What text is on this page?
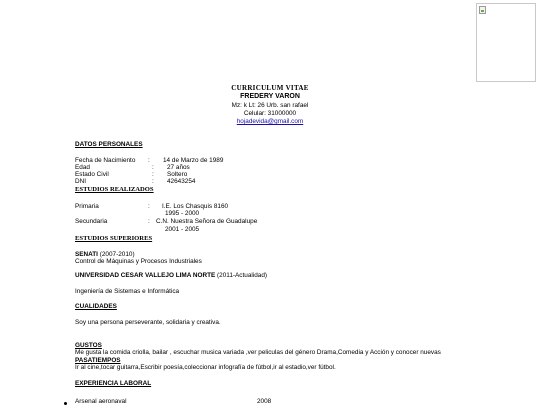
CURRICULUM VITAE
FREDERY VARON
Mz: k Lt: 26 Urb. san rafael
Celular: 31000000
hojadevida@gmail.com
DATOS PERSONALES
Fecha de Nacimiento : 14 de Marzo de 1989
Edad	: 27 años
Estado Civil	: Soltero
DNI	: 42643254
ESTUDIOS REALIZADOS
Primaria	: I.E. Los Chasquis 8160
1995 - 2000
Secundaria	: C.N. Nuestra Señora de Guadalupe
2001 - 2005
ESTUDIOS SUPERIORES
SENATI (2007-2010)
Control de Máquinas y Procesos Industriales
UNIVERSIDAD CESAR VALLEJO LIMA NORTE (2011-Actualidad)
Ingeniería de Sistemas e Informática
CUALIDADES
Soy una persona perseverante, solidaria y creativa.
GUSTOS
Me gusta la comida criolla, bailar , escuchar musica variada ,ver peliculas del género Drama,Comedia y Acción y conocer nuevas
PASATIEMPOS
Ir al cine,tocar guitarra,Escribir poesía,coleccionar infografía de fútbol,ir al estadio,ver fútbol.
EXPERIENCIA LABORAL
Arsenal aeronaval	2008
